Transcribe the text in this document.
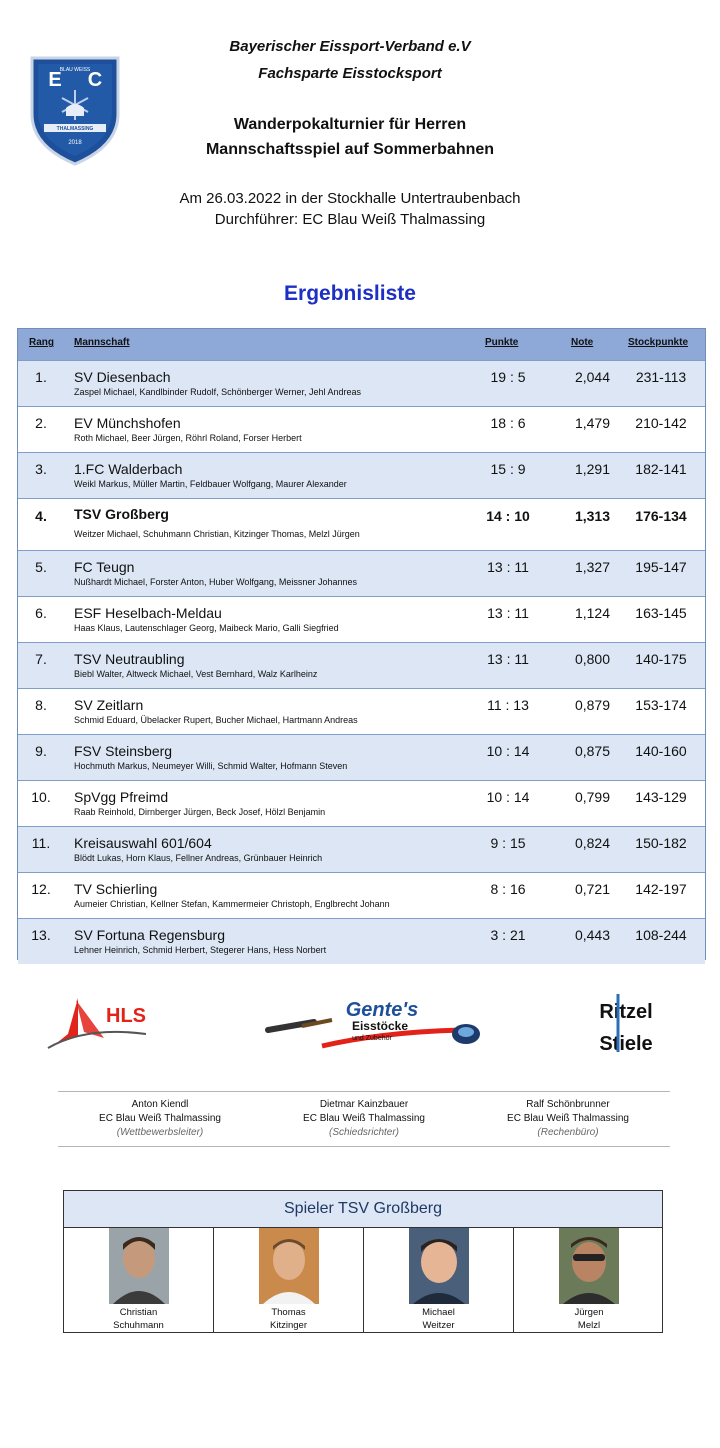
E C
BLAU WEISS
THALMASSING
2018
Bayerischer Eissport-Verband e.V
Fachsparte Eisstocksport
Wanderpokalturnier für Herren
Mannschaftsspiel auf Sommerbahnen
Am 26.03.2022 in der Stockhalle Untertraubenbach
Durchführer: EC Blau Weiß Thalmassing
Ergebnisliste
Rang Mannschaft	Punkte	Note	Stockpunkte
1.	SV Diesenbach
Zaspel Michael, Kandlbinder Rudolf, Schönberger Werner, Jehl Andreas
19 : 5	2,044	231-113
2.	EV Münchshofen
Roth Michael, Beer Jürgen, Röhrl Roland, Forser Herbert
18 : 6	1,479	210-142
3.	1.FC Walderbach
Weikl Markus, Müller Martin, Feldbauer Wolfgang, Maurer Alexander
15 : 9	1,291	182-141
4.	TSV Großberg
Weitzer Michael, Schuhmann Christian, Kitzinger Thomas, Melzl Jürgen
14 : 10	1,313	176-134
5.	FC Teugn
Nußhardt Michael, Forster Anton, Huber Wolfgang, Meissner Johannes
13 : 11	1,327	195-147
6.	ESF Heselbach-Meldau
Haas Klaus, Lautenschlager Georg, Maibeck Mario, Galli Siegfried
13 : 11	1,124	163-145
7.	TSV Neutraubling
Biebl Walter, Altweck Michael, Vest Bernhard, Walz Karlheinz
13 : 11	0,800	140-175
8.	SV Zeitlarn
Schmid Eduard, Übelacker Rupert, Bucher Michael, Hartmann Andreas
11 : 13	0,879	153-174
9.	FSV Steinsberg
Hochmuth Markus, Neumeyer Willi, Schmid Walter, Hofmann Steven
10 : 14	0,875	140-160
10.	SpVgg Pfreimd
Raab Reinhold, Dirnberger Jürgen, Beck Josef, Hölzl Benjamin
10 : 14	0,799	143-129
11.	Kreisauswahl 601/604
Blödt Lukas, Horn Klaus, Fellner Andreas, Grünbauer Heinrich
9 : 15	0,824	150-182
12.	TV Schierling
Aumeier Christian, Kellner Stefan, Kammermeier Christoph, Englbrecht Johann
8 : 16	0,721	142-197
13.	SV Fortuna Regensburg
Lehner Heinrich, Schmid Herbert, Stegerer Hans, Hess Norbert
3 : 21	0,443	108-244
HLS	Gente's
Eisstöcke
und Zubehör
Ritzel
Stiele
Anton Kiendl
EC Blau Weiß Thalmassing
(Wettbewerbsleiter)
Dietmar Kainzbauer
EC Blau Weiß Thalmassing
(Schiedsrichter)
Ralf Schönbrunner
EC Blau Weiß Thalmassing
(Rechenbüro)
Spieler TSV Großberg
Christian
Schuhmann
Thomas
Kitzinger
Michael
Weitzer
Jürgen
Melzl
